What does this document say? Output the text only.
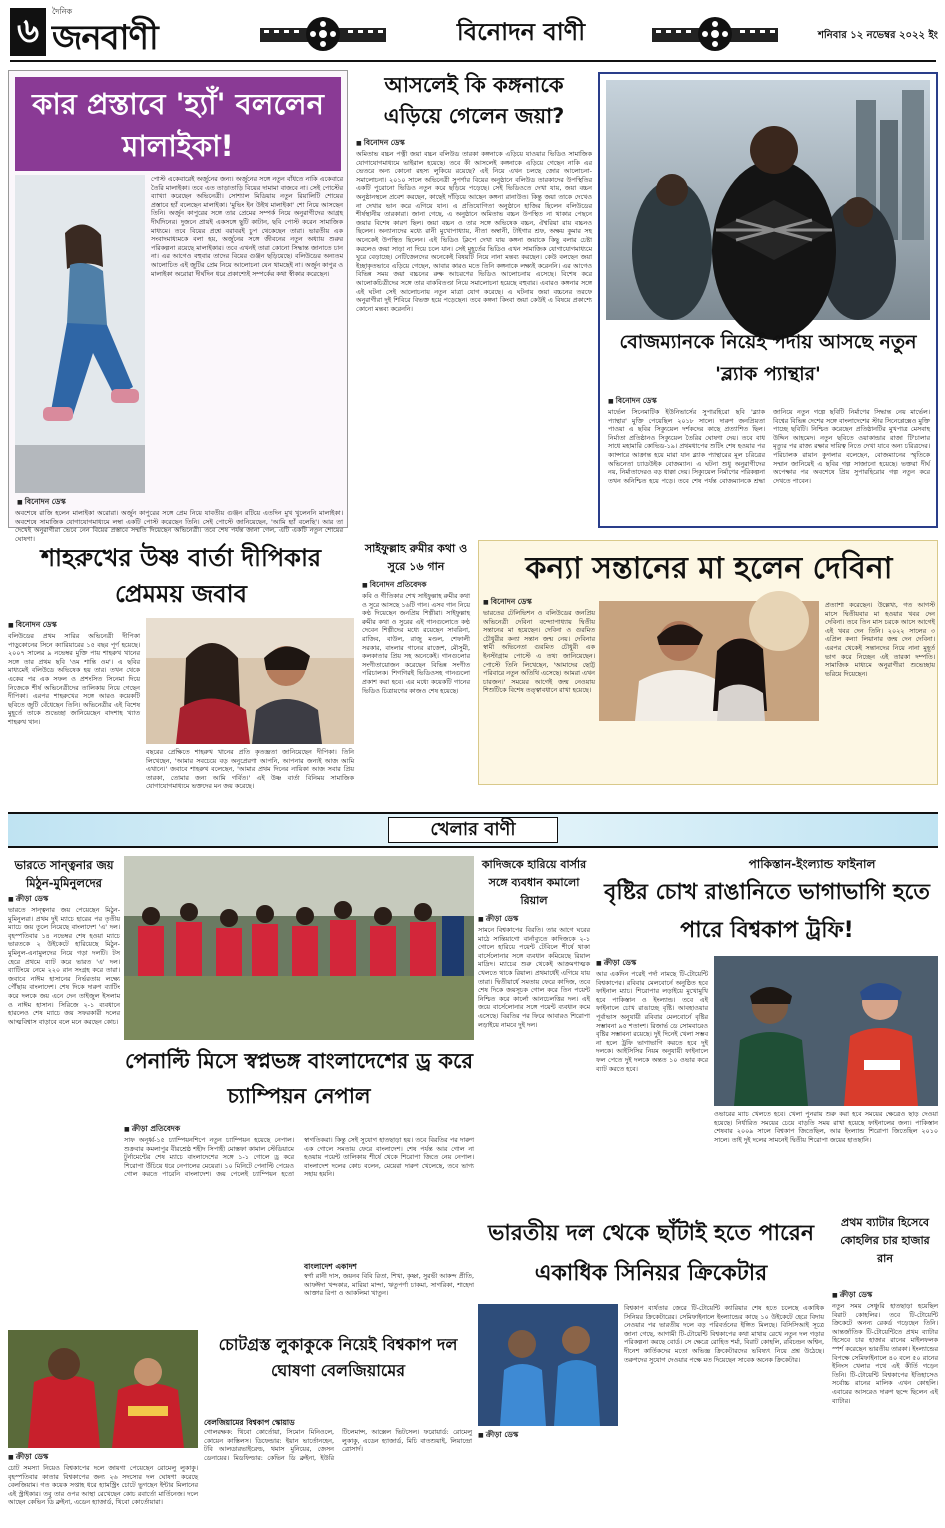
৬	দৈনিক
জনবাণী	বিনোদন বাণী	শনিবার ১২ নভেম্বর ২০২২ ইং
কার প্রস্তাবে 'হ্যাঁ' বললেন মালাইকা!
■ বিনোদন ডেস্ক
পোস্ট একেবারেই অর্জুনের জন্য। অর্জুনের সঙ্গে নতুন বাঁধতে নাকি একেবারে তৈরি মালাইকা। তবে এত তাড়াতাড়ি বিয়ের দামামা বাজবে না। সেই পোস্টের ব্যাখ্যা করেছেন অভিনেত্রী। সোশ্যাল মিডিয়ায় নতুন রিয়ালিটি শোয়ের প্রস্তাবে হ্যাঁ বলেছেন মালাইকা। 'মুভিং ইন উইথ মালাইকা' শো নিয়ে আসছেন তিনি। অর্জুন কাপুরের সঙ্গে তার প্রেমের সম্পর্ক নিয়ে অনুরাগীদের আগ্রহ দীর্ঘদিনের। দুজনে প্রায়ই একসঙ্গে ছুটি কাটান, ছবি পোস্ট করেন সামাজিক মাধ্যমে। তবে বিয়ের প্রশ্নে বরাবরই চুপ থেকেছেন তারা। ভারতীয় এক সংবাদমাধ্যমকে বলা হয়, অর্জুনের সঙ্গে জীবনের নতুন অধ্যায় শুরুর পরিকল্পনা রয়েছে মালাইকার। তবে এখনই তারা কোনো সিদ্ধান্ত জানাতে চান না। এর আগেও বহুবার তাদের বিয়ের গুঞ্জন ছড়িয়েছে। বলিউডের অন্যতম আলোচিত এই জুটির প্রেম নিয়ে আলোচনা যেন থামছেই না। অর্জুন কাপুর ও মালাইকা অরোরা দীর্ঘদিন ধরে প্রকাশ্যেই সম্পর্কের কথা স্বীকার করেছেন।
অবশেষে রাজি হলেন মালাইকা অরোরা। অর্জুন কাপুরের সঙ্গে প্রেম নিয়ে যাবতীয় গুঞ্জন রটিয়ে এতদিন মুখ খুলেননি মালাইকা। অবশেষে সামাজিক যোগাযোগমাধ্যমে লম্বা একটি পোস্ট করেছেন তিনি। সেই পোস্টে জানিয়েছেন, 'আমি হ্যাঁ বলেছি'। আর তা দেখেই অনুরাগীরা ভেবে নেন বিয়ের প্রস্তাবে সম্মতি দিয়েছেন অভিনেত্রী। তবে শেষ পর্যন্ত জানা গেল, এটি একটি নতুন শোয়ের ঘোষণা।
আসলেই কি কঙ্গনাকে এড়িয়ে গেলেন জয়া?
■ বিনোদন ডেস্ক
অমিতাভ বচ্চন পত্নী জয়া বচ্চন বলিউড তারকা কঙ্গনাকে এড়িয়ে যাওয়ার ভিডিও সামাজিক যোগাযোগমাধ্যমে ভাইরাল হয়েছে। তবে কী আসলেই কঙ্গনাকে এড়িয়ে গেছেন নাকি এর ভেতরে অন্য কোনো রহস্য লুকিয়ে রয়েছে? এই নিয়ে এখন চলছে জোর আলোচনা-সমালোচনা। ২০১০ সালে অভিনেত্রী সুপর্ণার বিয়ের অনুষ্ঠানে বলিউড তারকাদের উপস্থিতির একটি পুরোনো ভিডিও নতুন করে ছড়িয়ে পড়েছে। সেই ভিডিওতে দেখা যায়, জয়া বচ্চন অনুষ্ঠানস্থলে প্রবেশ করছেন, কাছেই দাঁড়িয়ে আছেন কঙ্গনা রানাউত। কিন্তু জয়া তাকে দেখেও না দেখার ভান করে এগিয়ে যান। এ প্রতিযোগিতা অনুষ্ঠানে হাজির ছিলেন বলিউডের শীর্ষস্থানীয় তারকারা। জানা গেছে, এ অনুষ্ঠানে অমিতাভ বচ্চন উপস্থিত না থাকার পেছনে জয়ার বিশেষ কারণ ছিল। জয়া বচ্চন ও তার সঙ্গে অভিষেক বচ্চন, ঐশ্বরিয়া রায় বচ্চনও ছিলেন। অন্যান্যদের মধ্যে রানী মুখোপাধ্যায়, নীতা অম্বানী, টাইগার শ্রফ, অক্ষয় কুমার সহ অনেকেই উপস্থিত ছিলেন। এই ভিডিও ক্লিপে দেখা যায় কঙ্গনা জয়াকে কিছু বলার চেষ্টা করলেও জয়া সাড়া না দিয়ে চলে যান। সেই মুহূর্তের ভিডিও এখন সামাজিক যোগাযোগমাধ্যমে ঘুরে বেড়াচ্ছে। নেটিজেনদের অনেকেই বিষয়টি নিয়ে নানা মন্তব্য করছেন। কেউ বলছেন জয়া ইচ্ছাকৃতভাবে এড়িয়ে গেছেন, আবার কারও মতে তিনি কঙ্গনাকে লক্ষ্যই করেননি। এর আগেও বিভিন্ন সময় জয়া বচ্চনের রুক্ষ আচরণের ভিডিও আলোচনায় এসেছে। বিশেষ করে আলোকচিত্রীদের সঙ্গে তার বাকবিতণ্ডা নিয়ে সমালোচনা হয়েছে বহুবার। এবারও কঙ্গনার সঙ্গে এই ঘটনা সেই আলোচনায় নতুন মাত্রা যোগ করেছে। এ ঘটনায় জয়া বচ্চনের তরফে অনুরাগীরা দুই শিবিরে বিভক্ত হয়ে পড়েছেন। তবে কঙ্গনা কিংবা জয়া কেউই এ বিষয়ে প্রকাশ্যে কোনো মন্তব্য করেননি।
বোজম্যানকে নিয়েই পর্দায় আসছে নতুন 'ব্ল্যাক প্যান্থার'
■ বিনোদন ডেস্ক
মার্ভেল সিনেমাটিক ইউনিভার্সের সুপারহিরো ছবি 'ব্ল্যাক প্যান্থার' মুক্তি পেয়েছিল ২০১৮ সালে। দারুণ জনপ্রিয়তা পাওয়া এ ছবির সিক্যুয়েল দর্শকদের কাছে প্রত্যাশিত ছিল। নির্মাতা প্রতিষ্ঠানও সিক্যুয়েল তৈরির ঘোষণা দেয়। তবে বাধ সাধে মহামারি কোভিড-১৯। প্রথমধাপের শুটিং শেষ হওয়ার পর ক্যান্সারে আক্রান্ত হয়ে মারা যান ব্ল্যাক প্যান্থারের মূল চরিত্রের অভিনেতা চ্যাডউইক বোজম্যান। এ ঘটনা শুধু অনুরাগীদের নয়, নির্মাতাদেরও বড় ধাক্কা দেয়। সিক্যুয়েল নির্মাণের পরিকল্পনা তখন অনিশ্চিত হয়ে পড়ে। তবে শেষ পর্যন্ত বোজম্যানকে শ্রদ্ধা জানিয়ে নতুন গল্পে ছবিটি নির্মাণের সিদ্ধান্ত নেয় মার্ভেল। বিশ্বের বিভিন্ন দেশের সঙ্গে বাংলাদেশের স্টার সিনেপ্লেক্সেও মুক্তি পাচ্ছে ছবিটি। নিশ্চিত করেছেন প্রতিষ্ঠানটির মুখপাত্র মেসবাহ উদ্দিন আহমেদ। নতুন ছবিতে ওয়াকান্ডার রাজা টি'চালার মৃত্যুর পর রাজ্য রক্ষার দায়িত্ব নিতে দেখা যাবে অন্য চরিত্রদের। পরিচালক রায়ান কুগলার বলেছেন, বোজম্যানের স্মৃতিকে সম্মান জানিয়েই এ ছবির গল্প সাজানো হয়েছে। ভক্তরা দীর্ঘ অপেক্ষার পর অবশেষে প্রিয় সুপারহিরোর গল্প নতুন করে দেখতে পাবেন।
শাহরুখের উষ্ণ বার্তা দীপিকার প্রেমময় জবাব
■ বিনোদন ডেস্ক
বলিউডের প্রথম সারির অভিনেত্রী দীপিকা পাড়ুকোনের সিনে ক্যারিয়ারের ১৫ বছর পূর্ণ হয়েছে। ২০০৭ সালের ৯ নভেম্বর মুক্তি পায় শাহরুখ খানের সঙ্গে তার প্রথম ছবি 'ওম শান্তি ওম'। এ ছবির মাধ্যমেই বলিউডে অভিষেক হয় তার। তখন থেকে একের পর এক সফল ও প্রশংসিত সিনেমা দিয়ে নিজেকে শীর্ষ অভিনেত্রীদের তালিকায় নিয়ে গেছেন দীপিকা। এরপর শাহরুখের সঙ্গে আরও কয়েকটি ছবিতে জুটি বেঁধেছেন তিনি। অভিনেত্রীর এই বিশেষ মুহূর্তে তাকে শুভেচ্ছা জানিয়েছেন বাদশাহ খ্যাত শাহরুখ খান।
বছরের প্রেক্ষিতে শাহরুখ খানের প্রতি কৃতজ্ঞতা জানিয়েছেন দীপিকা। তিনি লিখেছেন, 'আমার সবচেয়ে বড় অনুপ্রেরণা আপনি, আপনার জন্যই আজ আমি এখানে।' জবাবে শাহরুখ বলেছেন, 'আমার প্রথম দিনের নায়িকা আজ সবার প্রিয় তারকা, তোমার জন্য আমি গর্বিত।' এই উষ্ণ বার্তা বিনিময় সামাজিক যোগাযোগমাধ্যমে ভক্তদের মন জয় করেছে।
সাইফুল্লাহ রুমীর কথা ও সুরে ১৬ গান
■ বিনোদন প্রতিবেদক
কবি ও গীতিকার শেখ সাইফুল্লাহ রুমীর কথা ও সুরে আসছে ১৬টি গান। এসব গান নিয়ে কণ্ঠ দিয়েছেন জনপ্রিয় শিল্পীরা। সাইফুল্লাহ রুমীর কথা ও সুরের এই গানগুলোতে কণ্ঠ দেবেন শিল্পীদের মধ্যে রয়েছেন সাবরিনা, রাজিব, বাউল, রাজু মণ্ডল, শেফালী সরকার, বাংলার গানের রাজেশ, মৌসুমী, কলকাতার প্রিয় সহ অনেকেই। গানগুলোর সংগীতায়োজন করেছেন বিভিন্ন সংগীত পরিচালক। শিগগিরই ভিডিওসহ গানগুলো প্রকাশ করা হবে। এর মধ্যে কয়েকটি গানের ভিডিও চিত্রায়ণের কাজও শেষ হয়েছে।
কন্যা সন্তানের মা হলেন দেবিনা
■ বিনোদন ডেস্ক
ভারতের টেলিভিশন ও বলিউডের জনপ্রিয় অভিনেত্রী দেবিনা বন্দ্যোপাধ্যায় দ্বিতীয় সন্তানের মা হয়েছেন। দেবিনা ও গুরমিত চৌধুরীর কন্যা সন্তান জন্ম নেয়। দেবিনার স্বামী অভিনেতা গুরমিত চৌধুরী এক ইনস্টাগ্রাম পোস্টে এ তথ্য জানিয়েছেন। পোস্টে তিনি লিখেছেন, 'আমাদের ছোট্ট পরিবারে নতুন অতিথি এসেছে। আমরা এখন চারজন।' সময়ের আগেই জন্ম নেওয়ায় শিশুটিকে বিশেষ তত্ত্বাবধানে রাখা হয়েছে।
প্রত্যাশা করেছেন। উল্লেখ্য, গত আগস্ট মাসে দ্বিতীয়বার মা হওয়ার খবর দেন দেবিনা। তবে তিন মাস চরকে আসে আগেই এই খবর দেন তিনি। ২০২২ সালের ৩ এপ্রিল কন্যা লিয়ানার জন্ম দেন দেবিনা। এরপর থেকেই সন্তানদের নিয়ে নানা মুহূর্ত ভাগ করে নিচ্ছেন এই তারকা দম্পতি। সামাজিক মাধ্যমে অনুরাগীরা শুভেচ্ছায় ভরিয়ে দিয়েছেন।
খেলার বাণী
ভারতে সান্ত্বনার জয় মিঠুন-মুমিনুলদের
■ ক্রীড়া ডেস্ক
ভারতে সান্ত্বনার জয় পেয়েছেন মিঠুন-মুমিনুলরা। প্রথম দুই ম্যাচে হারের পর তৃতীয় ম্যাচে জয় তুলে নিয়েছে বাংলাদেশ 'এ' দল। বৃহস্পতিবার ১৪ নভেম্বর শেষ হওয়া ম্যাচে ভারতকে ২ উইকেটে হারিয়েছে মিঠুন-মুমিনুল-এনামুলদের নিয়ে গড়া দলটি। টস হেরে প্রথমে ব্যাট করে ভারত 'এ' দল। ব্যাটিংয়ে নেমে ২২০ রান সংগ্রহ করে তারা। জবাবে নাঈম হাসানের নির্ভরতায় লক্ষ্যে পৌঁছায় বাংলাদেশ। শেষ দিকে দারুণ ব্যাটিং করে দলকে জয় এনে দেন তাইজুল ইসলাম ও নাঈম হাসান। সিরিজে ২-১ ব্যবধানে হারলেও শেষ ম্যাচে জয় সফরকারী দলের আত্মবিশ্বাস বাড়াবে বলে মনে করছেন কোচ।
পেনাল্টি মিসে স্বপ্নভঙ্গ বাংলাদেশের ড্র করে চ্যাম্পিয়ন নেপাল
■ ক্রীড়া প্রতিবেদক
সাফ অনূর্ধ্ব-১৫ চ্যাম্পিয়নশিপে নতুন চ্যাম্পিয়ন হয়েছে নেপাল। শুক্রবার কমলাপুর বীরশ্রেষ্ঠ শহীদ সিপাহী মোস্তফা কামাল স্টেডিয়ামে টুর্নামেন্টের শেষ ম্যাচে বাংলাদেশের সঙ্গে ১-১ গোলে ড্র করে শিরোপা উঁচিয়ে ধরে নেপালের মেয়েরা। ১০ মিনিটে পেনাল্টি পেয়েও গোল করতে পারেনি বাংলাদেশ। জয় পেলেই চ্যাম্পিয়ন হতো স্বাগতিকরা। কিন্তু সেই সুযোগ হাতছাড়া হয়। তবে বিরতির পর দারুণ এক গোলে সমতায় ফেরে বাংলাদেশ। শেষ পর্যন্ত আর গোল না হওয়ায় পয়েন্ট তালিকায় শীর্ষে থেকে শিরোপা জিতে নেয় নেপাল। বাংলাদেশ দলের কোচ বলেন, মেয়েরা দারুণ খেলেছে, তবে ভাগ্য সহায় হয়নি।
বাংলাদেশ একাদশ
স্বর্ণা রানী দাস, জয়নব বিবি রিতা, শিখা, কৃষ্ণা, সুরভী আকন্দ প্রীতি, আফঈদা খন্দকার, মারিয়া মান্দা, ঋতুপর্ণা চাকমা, সাগরিকা, শাহেদা আক্তার রিপা ও আকলিমা খাতুন।
কাদিজকে হারিয়ে বার্সার সঙ্গে ব্যবধান কমালো রিয়াল
■ ক্রীড়া ডেস্ক
সামনে বিশ্বকাপের বিরতি। তার আগে ঘরের মাঠে সান্তিয়াগো বার্নাব্যুতে কাদিজকে ২-১ গোলে হারিয়ে পয়েন্ট টেবিলে শীর্ষে থাকা বার্সেলোনার সঙ্গে ব্যবধান কমিয়েছে রিয়াল মাদ্রিদ। ম্যাচের শুরু থেকেই আক্রমণাত্মক খেলতে থাকে রিয়াল। প্রথমার্ধেই এগিয়ে যায় তারা। দ্বিতীয়ার্ধে সমতায় ফেরে কাদিজ, তবে শেষ দিকে জয়সূচক গোল করে তিন পয়েন্ট নিশ্চিত করে কার্লো আনচেলত্তির দল। এই জয়ে বার্সেলোনার সঙ্গে পয়েন্ট ব্যবধান কমে এসেছে। বিরতির পর ফিরে আবারও শিরোপা লড়াইয়ে নামবে দুই দল।
পাকিস্তান-ইংল্যান্ড ফাইনাল
বৃষ্টির চোখ রাঙানিতে ভাগাভাগি হতে পারে বিশ্বকাপ ট্রফি!
■ ক্রীড়া ডেস্ক
আর একদিন পরেই পর্দা নামছে টি-টোয়েন্টি বিশ্বকাপের। রবিবার মেলবোর্নে অনুষ্ঠিত হবে ফাইনাল ম্যাচ। শিরোপার লড়াইয়ে মুখোমুখি হবে পাকিস্তান ও ইংল্যান্ড। তবে এই ফাইনালে চোখ রাঙাচ্ছে বৃষ্টি। আবহাওয়ার পূর্বাভাস অনুযায়ী রবিবার মেলবোর্নে বৃষ্টির সম্ভাবনা ৯৫ শতাংশ। রিজার্ভ ডে সোমবারেও বৃষ্টির সম্ভাবনা রয়েছে। দুই দিনেই খেলা সম্ভব না হলে ট্রফি ভাগাভাগি করতে হবে দুই দলকে। আইসিসির নিয়ম অনুযায়ী ফাইনালে ফল পেতে দুই দলকে অন্তত ১০ ওভার করে ব্যাট করতে হবে।
ওভারের ম্যাচ খেলতে হবে। খেলা পুনরায় শুরু করা হবে সময়ের ক্ষেত্রেও ছাড় দেওয়া হয়েছে। নির্ধারিত সময়ের চেয়ে বাড়তি সময় রাখা হয়েছে ফাইনালের জন্য। পাকিস্তান শেষবার ২০০৯ সালে বিশ্বকাপ জিতেছিল, আর ইংল্যান্ড শিরোপা জিতেছিল ২০১০ সালে। তাই দুই দলের সামনেই দ্বিতীয় শিরোপা জয়ের হাতছানি।
ভারতীয় দল থেকে ছাঁটাই হতে পারেন একাধিক সিনিয়র ক্রিকেটার
■ ক্রীড়া ডেস্ক
বিশ্বকাপ ব্যর্থতার জেরে টি-টোয়েন্টি ক্যারিয়ার শেষ হতে চলেছে একাধিক সিনিয়র ক্রিকেটারের। সেমিফাইনালে ইংল্যান্ডের কাছে ১০ উইকেটে হেরে বিদায় নেওয়ার পর ভারতীয় দলে বড় পরিবর্তনের ইঙ্গিত মিলছে। বিসিসিআই সূত্রে জানা গেছে, আগামী টি-টোয়েন্টি বিশ্বকাপের কথা মাথায় রেখে নতুন দল গড়ার পরিকল্পনা করছে বোর্ড। সে ক্ষেত্রে রোহিত শর্মা, বিরাট কোহলি, রবিচন্দ্রন অশ্বিন, দীনেশ কার্তিকদের মতো অভিজ্ঞ ক্রিকেটারদের ভবিষ্যৎ নিয়ে প্রশ্ন উঠেছে। তরুণদের সুযোগ দেওয়ার পক্ষে মত দিয়েছেন সাবেক অনেক ক্রিকেটার।
প্রথম ব্যাটার হিসেবে কোহলির চার হাজার রান
■ ক্রীড়া ডেস্ক
নতুন সময় সেঞ্চুরি হাতছাড়া হয়েছিল বিরাট কোহলির। তবে টি-টোয়েন্টি ক্রিকেটে অনন্য রেকর্ড গড়েছেন তিনি। আন্তর্জাতিক টি-টোয়েন্টিতে প্রথম ব্যাটার হিসেবে চার হাজার রানের মাইলফলক স্পর্শ করেছেন ভারতীয় তারকা। ইংল্যান্ডের বিপক্ষে সেমিফাইনালে ৪০ বলে ৫০ রানের ইনিংস খেলার পথে এই কীর্তি গড়েন তিনি। টি-টোয়েন্টি বিশ্বকাপের ইতিহাসেও সর্বোচ্চ রানের মালিক এখন কোহলি। এবারের আসরেও দারুণ ছন্দে ছিলেন এই ব্যাটার।
■ ক্রীড়া ডেস্ক
চোটগ্রস্ত লুকাকুকে নিয়েই বিশ্বকাপ দল ঘোষণা বেলজিয়ামের
চোট সমস্যা নিয়েও বিশ্বকাপের দলে জায়গা পেয়েছেন রোমেলু লুকাকু। বৃহস্পতিবার কাতার বিশ্বকাপের জন্য ২৬ সদস্যের দল ঘোষণা করেছে বেলজিয়াম। গত কয়েক সপ্তাহ ধরে হ্যামস্ট্রিং চোটে ভুগছেন ইন্টার মিলানের এই স্ট্রাইকার। তবু তার ওপর আস্থা রেখেছেন কোচ রবার্তো মার্তিনেজ। দলে আছেন কেভিন ডি ব্রুইনা, এডেন হ্যাজার্ড, থিবো কোর্তোয়ারা।
বেলজিয়ামের বিশ্বকাপ স্কোয়াড
গোলরক্ষক: থিবো কোর্তোয়া, সিমোন মিনিওলে, কোয়েন কাস্তিলস। ডিফেন্ডার: ইয়ান ভার্তোনহেন, টবি আলডারভাইরেল্ড, থমাস মুনিয়ের, জেসন ডেনায়ের। মিডফিল্ডার: কেভিন ডি ব্রুইনা, ইউরি টিলেমান্স, আক্সেল ভিটসেল। ফরোয়ার্ড: রোমেলু লুকাকু, এডেন হ্যাজার্ড, মিচি বাতশুয়াই, লিয়ান্দ্রো ত্রোসার্দ।
